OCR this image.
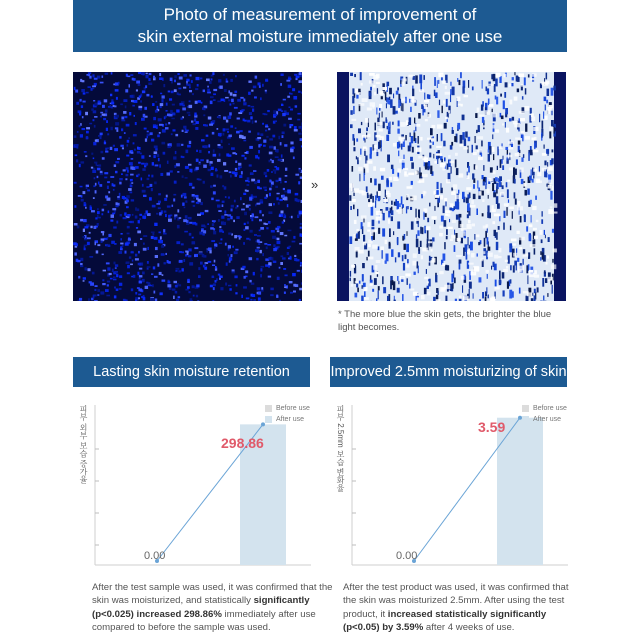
Photo of measurement of improvement of
skin external moisture immediately after one use
»
* The more blue the skin gets, the brighter the blue light becomes.
Lasting skin moisture retention	Improved 2.5mm moisturizing of skin
피부 외부 보습 증가율	Before use
After use
0.00
298.86	피부 2.5mm 보습 변화율	Before use
After use
0.00
3.59
After the test sample was used, it was confirmed that the skin was moisturized, and statistically significantly (p<0.025) increased 298.86% immediately after use compared to before the sample was used.
After the test product was used, it was confirmed that the skin was moisturized 2.5mm. After using the test product, it increased statistically significantly (p<0.05) by 3.59% after 4 weeks of use.
